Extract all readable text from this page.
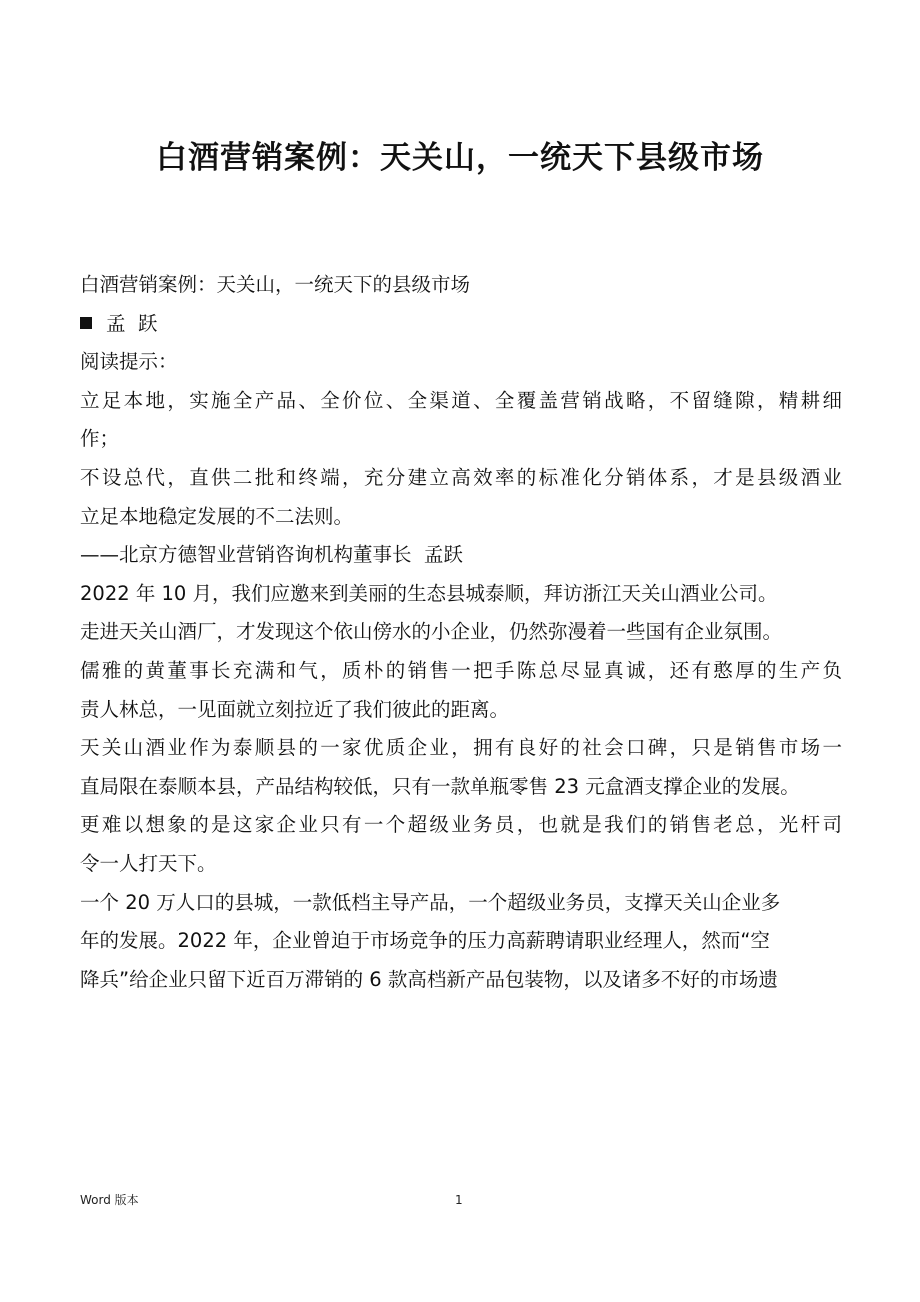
白酒营销案例：天关山，一统天下县级市场
白酒营销案例：天关山，一统天下的县级市场
孟  跃
阅读提示：
立足本地，实施全产品、全价位、全渠道、全覆盖营销战略，不留缝隙，精耕细
作；
不设总代，直供二批和终端，充分建立高效率的标准化分销体系，才是县级酒业
立足本地稳定发展的不二法则。
——北京方德智业营销咨询机构董事长  孟跃
2022 年 10 月，我们应邀来到美丽的生态县城泰顺，拜访浙江天关山酒业公司。
走进天关山酒厂，才发现这个依山傍水的小企业，仍然弥漫着一些国有企业氛围。
儒雅的黄董事长充满和气，质朴的销售一把手陈总尽显真诚，还有憨厚的生产负
责人林总，一见面就立刻拉近了我们彼此的距离。
天关山酒业作为泰顺县的一家优质企业，拥有良好的社会口碑，只是销售市场一
直局限在泰顺本县，产品结构较低，只有一款单瓶零售 23 元盒酒支撑企业的发展。
更难以想象的是这家企业只有一个超级业务员，也就是我们的销售老总，光杆司
令一人打天下。
一个 20 万人口的县城，一款低档主导产品，一个超级业务员，支撑天关山企业多
年的发展。2022 年，企业曾迫于市场竞争的压力高薪聘请职业经理人，然而“空
降兵”给企业只留下近百万滞销的 6 款高档新产品包装物，以及诸多不好的市场遗
Word 版本	1
